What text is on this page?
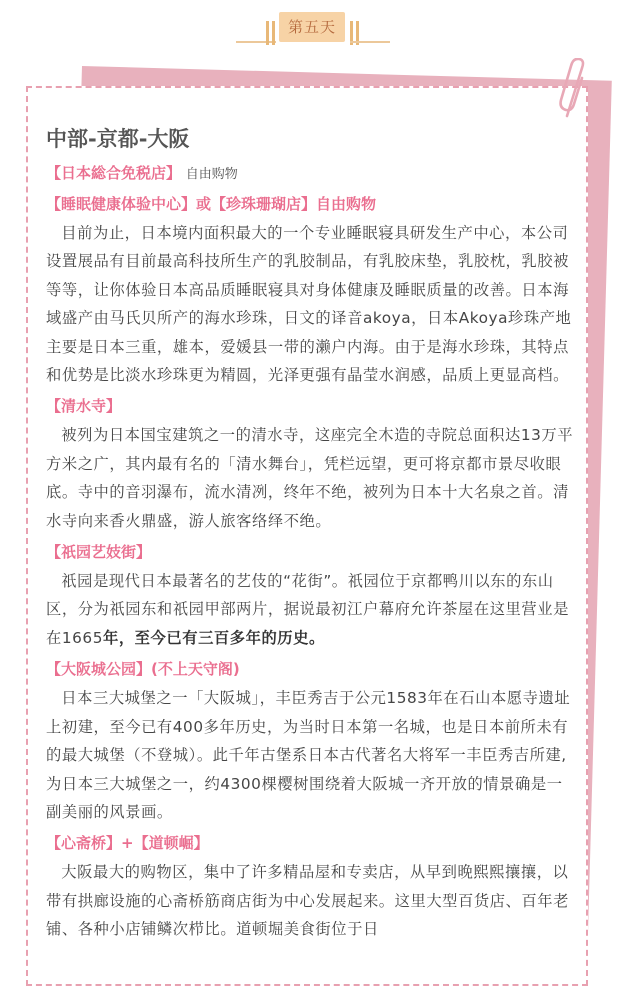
第五天
中部-京都-大阪
【日本総合免税店】 自由购物
【睡眠健康体验中心】或【珍珠珊瑚店】自由购物

目前为止，日本境内面积最大的一个专业睡眠寝具研发生产中心，本公司设置展品有目前最高科技所生产的乳胶制品，有乳胶床垫，乳胶枕，乳胶被等等，让你体验日本高品质睡眠寝具对身体健康及睡眠质量的改善。日本海域盛产由马氏贝所产的海水珍珠，日文的译音akoya，日本Akoya珍珠产地主要是日本三重，雄本，爱媛县一带的濑户内海。由于是海水珍珠，其特点和优势是比淡水珍珠更为精圆，光泽更强有晶莹水润感，品质上更显高档。

【清水寺】

被列为日本国宝建筑之一的清水寺，这座完全木造的寺院总面积达13万平方米之广，其内最有名的「清水舞台」，凭栏远望，更可将京都市景尽收眼底。寺中的音羽瀑布，流水清冽，终年不绝，被列为日本十大名泉之首。清水寺向来香火鼎盛，游人旅客络绎不绝。

【祇园艺妓街】

祇园是现代日本最著名的艺伎的“花街”。祇园位于京都鸭川以东的东山区，分为祇园东和祇园甲部两片，据说最初江户幕府允许茶屋在这里营业是在1665年，至今已有三百多年的历史。

【大阪城公园】(不上天守阁)

日本三大城堡之一「大阪城」，丰臣秀吉于公元1583年在石山本愿寺遗址上初建，至今已有400多年历史，为当时日本第一名城，也是日本前所未有的最大城堡（不登城）。此千年古堡系日本古代著名大将军一丰臣秀吉所建,为日本三大城堡之一，约4300棵樱树围绕着大阪城一齐开放的情景确是一副美丽的风景画。

【心斋桥】+【道顿崛】

大阪最大的购物区，集中了许多精品屋和专卖店，从早到晚熙熙攘攘，以带有拱廊设施的心斋桥筋商店街为中心发展起来。这里大型百货店、百年老铺、各种小店铺鳞次栉比。道顿堀美食街位于日
